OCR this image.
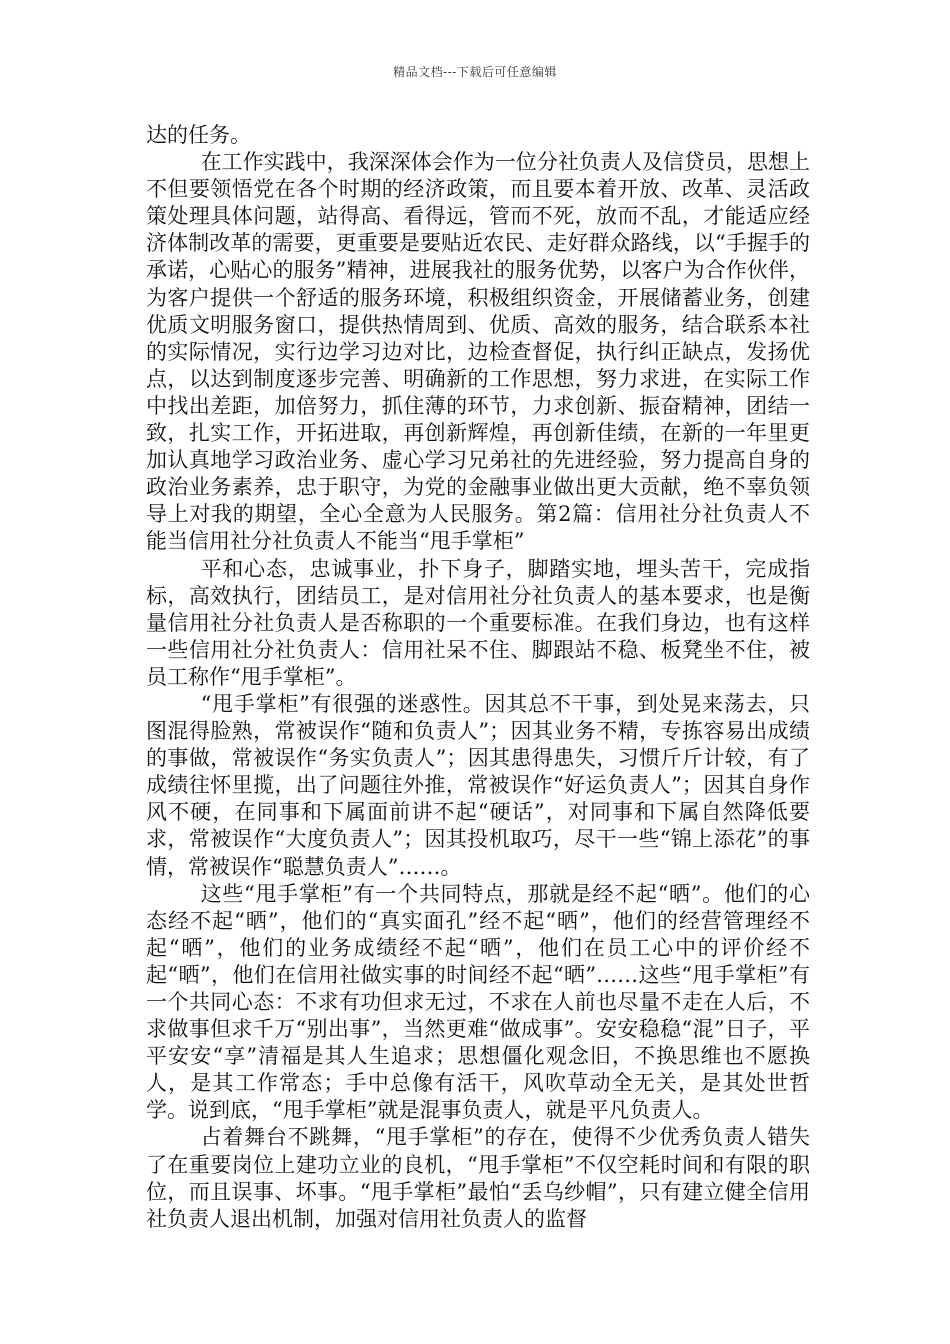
精品文档---下载后可任意编辑

达的任务。

在工作实践中，我深深体会作为一位分社负责人及信贷员，思想上不但要领悟党在各个时期的经济政策，而且要本着开放、改革、灵活政策处理具体问题，站得高、看得远，管而不死，放而不乱，才能适应经济体制改革的需要，更重要是要贴近农民、走好群众路线，以“手握手的承诺，心贴心的服务”精神，进展我社的服务优势，以客户为合作伙伴，为客户提供一个舒适的服务环境，积极组织资金，开展储蓄业务，创建优质文明服务窗口，提供热情周到、优质、高效的服务，结合联系本社的实际情况，实行边学习边对比，边检查督促，执行纠正缺点，发扬优点，以达到制度逐步完善、明确新的工作思想，努力求进，在实际工作中找出差距，加倍努力，抓住薄的环节，力求创新、振奋精神，团结一致，扎实工作，开拓进取，再创新辉煌，再创新佳绩，在新的一年里更加认真地学习政治业务、虚心学习兄弟社的先进经验，努力提高自身的政治业务素养，忠于职守，为党的金融事业做出更大贡献，绝不辜负领导上对我的期望，全心全意为人民服务。第2篇：信用社分社负责人不能当信用社分社负责人不能当“甩手掌柜”

平和心态，忠诚事业，扑下身子，脚踏实地，埋头苦干，完成指标，高效执行，团结员工，是对信用社分社负责人的基本要求，也是衡量信用社分社负责人是否称职的一个重要标准。在我们身边，也有这样一些信用社分社负责人：信用社呆不住、脚跟站不稳、板凳坐不住，被员工称作“甩手掌柜”。

“甩手掌柜”有很强的迷惑性。因其总不干事，到处晃来荡去，只图混得脸熟，常被误作“随和负责人”；因其业务不精，专拣容易出成绩的事做，常被误作“务实负责人”；因其患得患失，习惯斤斤计较，有了成绩往怀里揽，出了问题往外推，常被误作“好运负责人”；因其自身作风不硬，在同事和下属面前讲不起“硬话”，对同事和下属自然降低要求，常被误作“大度负责人”；因其投机取巧，尽干一些“锦上添花”的事情，常被误作“聪慧负责人”……。

这些“甩手掌柜”有一个共同特点，那就是经不起“晒”。他们的心态经不起“晒”，他们的“真实面孔”经不起“晒”，他们的经营管理经不起“晒”，他们的业务成绩经不起“晒”，他们在员工心中的评价经不起“晒”，他们在信用社做实事的时间经不起“晒”……这些“甩手掌柜”有一个共同心态：不求有功但求无过，不求在人前也尽量不走在人后，不求做事但求千万“别出事”，当然更难“做成事”。安安稳稳“混”日子，平平安安“享”清福是其人生追求；思想僵化观念旧，不换思维也不愿换人，是其工作常态；手中总像有活干，风吹草动全无关，是其处世哲学。说到底，“甩手掌柜”就是混事负责人，就是平凡负责人。

占着舞台不跳舞，“甩手掌柜”的存在，使得不少优秀负责人错失了在重要岗位上建功立业的良机，“甩手掌柜”不仅空耗时间和有限的职位，而且误事、坏事。“甩手掌柜”最怕“丢乌纱帽”，只有建立健全信用社负责人退出机制，加强对信用社负责人的监督
